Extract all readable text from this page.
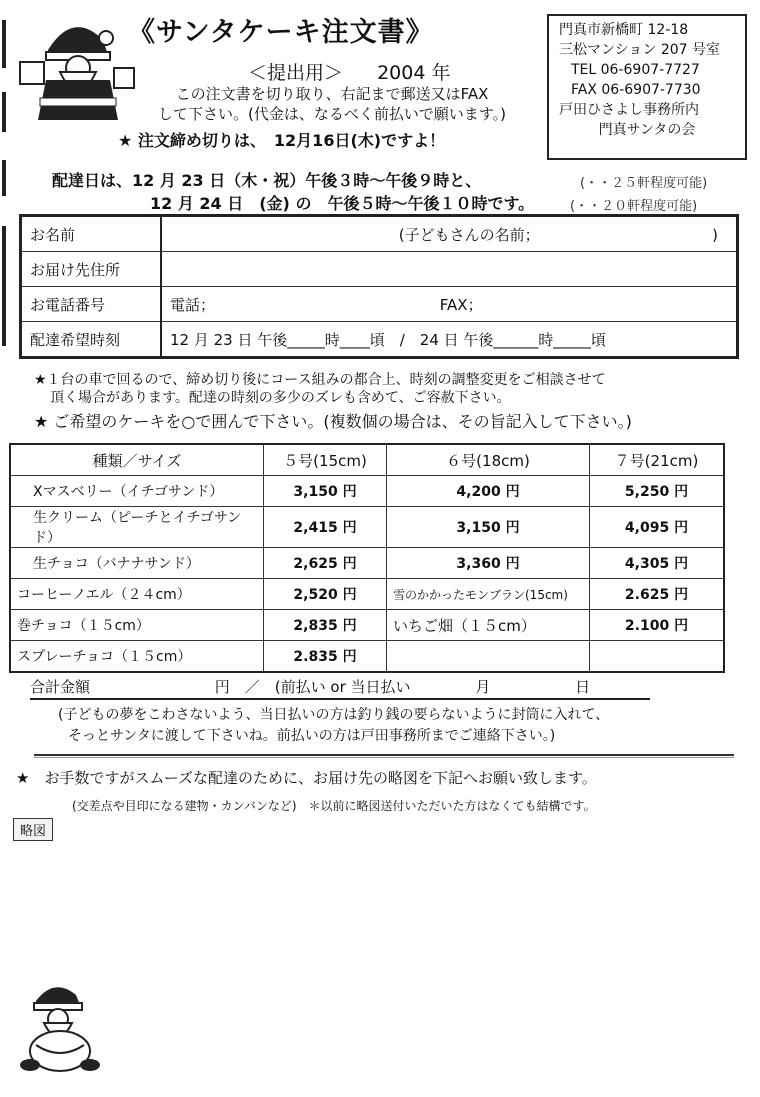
《サンタケーキ注文書》
＜提出用＞ 2004 年
この注文書を切り取り、右記まで郵送又はFAX
して下さい。(代金は、なるべく前払いで願います。)
★ 注文締め切りは、　12月16日(木)ですよ！
門真市新橋町 12-18
三松マンション 207 号室
TEL 06-6907-7727
FAX 06-6907-7730
戸田ひさよし事務所内
門真サンタの会
配達日は、12 月 23 日（木・祝）午後３時～午後９時と、	(・・２５軒程度可能)
12 月 24 日　(金) の　午後５時～午後１０時です。	(・・２０軒程度可能)
お名前	(子どもさんの名前；　　　　　　　　　　　　)
お届け先住所	
お電話番号	電話； FAX；
配達希望時刻	12 月 23 日 午後_____時____頃　/　24 日 午後______時_____頃
★１台の車で回るので、締め切り後にコース組みの都合上、時刻の調整変更をご相談させて
頂く場合があります。配達の時刻の多少のズレも含めて、ご容赦下さい。
★ ご希望のケーキを○で囲んで下さい。(複数個の場合は、その旨記入して下さい。)
種類／サイズ	５号(15cm)	６号(18cm)	７号(21cm)
Xマスベリー（イチゴサンド）	3,150 円	4,200 円	5,250 円
生クリーム（ピーチとイチゴサンド）	2,415 円	3,150 円	4,095 円
生チョコ（バナナサンド）	2,625 円	3,360 円	4,305 円
コーヒーノエル（２４cm）	2,520 円	雪のかかったモンブラン(15cm)	2.625 円
巻チョコ（１５cm）	2,835 円	いちご畑（１５cm）	2.100 円
スプレーチョコ（１５cm）	2.835 円		
合計金額	円　／　(前払い or 当日払い	月	日
(子どもの夢をこわさないよう、当日払いの方は釣り銭の要らないように封筒に入れて、
そっとサンタに渡して下さいね。前払いの方は戸田事務所までご連絡下さい。)
★　お手数ですがスムーズな配達のために、お届け先の略図を下記へお願い致します。
(交差点や目印になる建物・カンバンなど)　＊以前に略図送付いただいた方はなくても結構です。
略図
